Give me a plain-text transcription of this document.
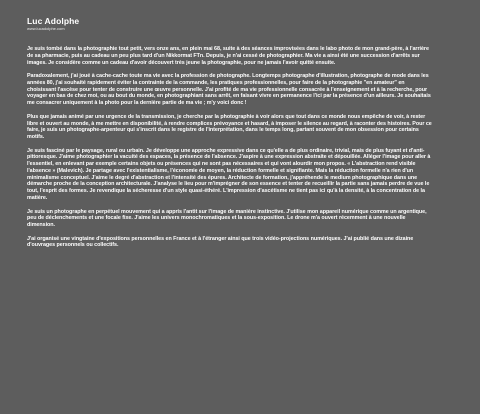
Luc Adolphe
www.lucadolphe.com

Je suis tombé dans la photographie tout petit, vers onze ans, en plein mai 68, suite à des séances improvisées dans le labo photo de mon grand-père, à l'arrière de sa pharmacie, puis au cadeau un peu plus tard d'un Nikkormat FTn. Depuis, je n'ai cessé de photographier. Ma vie a ainsi été une succession d'arrêts sur images. Je considère comme un cadeau d'avoir découvert très jeune la photographie, pour ne jamais l'avoir quitté ensuite.

Paradoxalement, j'ai joué à cache-cache toute ma vie avec la profession de photographe. Longtemps photographe d'illustration, photographe de mode dans les années 80, j'ai souhaité rapidement éviter la contrainte de la commande, les pratiques professionnelles, pour faire de la photographie "en amateur" en choisissant l'ascèse pour tenter de construire une œuvre personnelle. J'ai profité de ma vie professionnelle consacrée à l'enseignement et à la recherche, pour voyager en bas de chez moi, ou au bout du monde, en photographiant sans arrêt, en faisant vivre en permanence l'ici par la présence d'un ailleurs. Je souhaitais me consacrer uniquement à la photo pour la dernière partie de ma vie ; m'y voici donc !

Plus que jamais animé par une urgence de la transmission, je cherche par la photographie à voir alors que tout dans ce monde nous empêche de voir, à rester libre et ouvert au monde, à me mettre en disponibilité, à rendre complices prévoyance et hasard, à imposer le silence au regard, à raconter des histoires. Pour ce faire, je suis un photographe-arpenteur qui s'inscrit dans le registre de l'interprétation, dans le temps long, partant souvent de mon obsession pour certains motifs.

Je suis fasciné par le paysage, rural ou urbain. Je développe une approche expressive dans ce qu'elle a de plus ordinaire, trivial, mais de plus fuyant et d'anti-pittoresque. J'aime photographier la vacuité des espaces, la présence de l'absence. J'aspire à une expression abstraite et dépouillée. Alléger l'image pour aller à l'essentiel, en enlevant par exemple certains objets ou présences qui ne sont pas nécessaires et qui vont alourdir mon propos. « L'abstraction rend visible l'absence » (Malevich). Je partage avec l'existentialisme, l'économie de moyen, la réduction formelle et signifiante. Mais la réduction formelle n'a rien d'un minimalisme conceptuel. J'aime le degré d'abstraction et l'intensité des épures. Architecte de formation, j'appréhende le medium photographique dans une démarche proche de la conception architecturale. J'analyse le lieu pour m'imprégner de son essence et tenter de recueillir la partie sans jamais perdre de vue le tout, l'esprit des formes. Je revendique la sécheresse d'un style quasi-éthéré. L'impression d'ascétisme ne tient pas ici qu'à la densité, à la concentration de la matière.

Je suis un photographe en perpétuel mouvement qui a appris l'antit sur l'image de manière instinctive. J'utilise mon appareil numérique comme un argentique, peu de déclenchements et une focale fixe. J'aime les univers monochromatiques et la sous-exposition. Le drone m'a ouvert récemment à une nouvelle dimension.

J'ai organisé une vingtaine d'expositions personnelles en France et à l'étranger ainsi que trois vidéo-projections numériques. J'ai publié dans une dizaine d'ouvrages personnels ou collectifs.
